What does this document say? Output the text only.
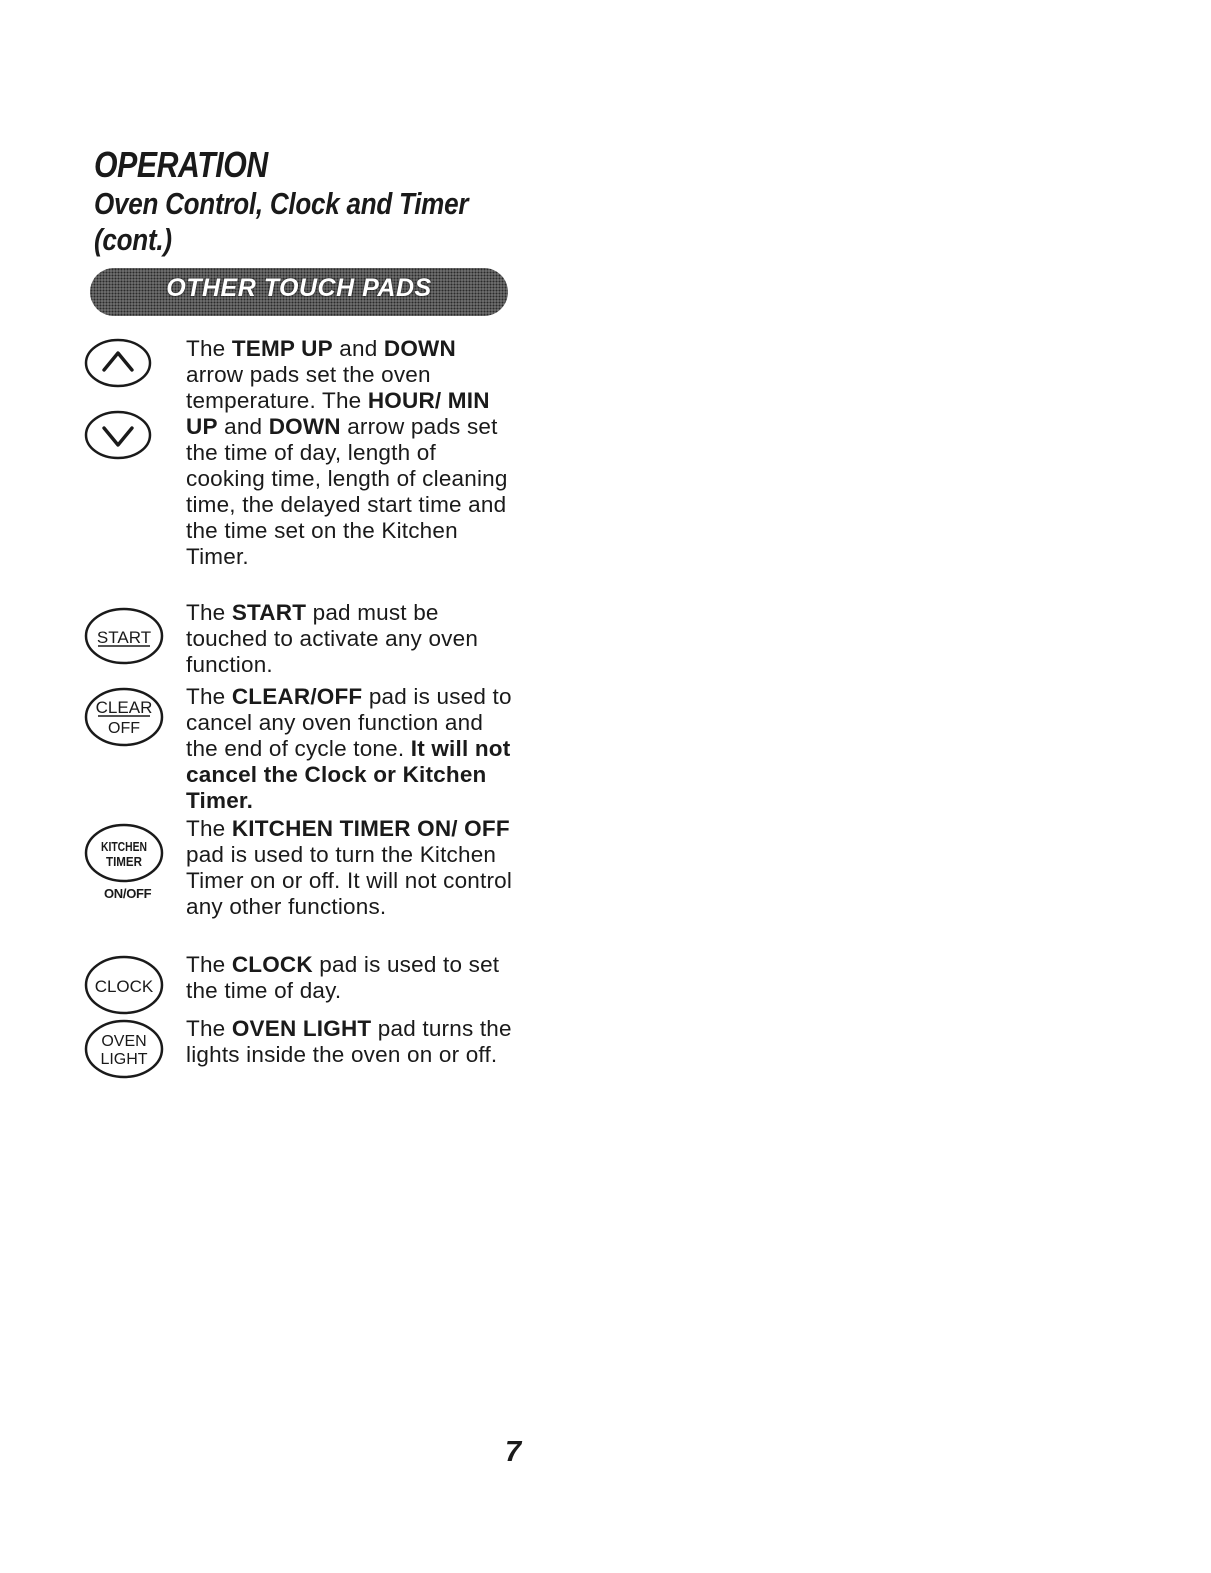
OPERATION
Oven Control, Clock and Timer (cont.)
OTHER TOUCH PADS

The TEMP UP and DOWN arrow pads set the oven temperature. The HOUR/ MIN UP and DOWN arrow pads set the time of day, length of cooking time, length of cleaning time, the delayed start time and the time set on the Kitchen Timer.

START

The START pad must be touched to activate any oven function.

CLEAR
OFF

The CLEAR/OFF pad is used to cancel any oven function and the end of cycle tone. It will not cancel the Clock or Kitchen Timer.

KITCHEN
TIMER
ON/OFF

The KITCHEN TIMER ON/ OFF pad is used to turn the Kitchen Timer on or off. It will not control any other functions.

CLOCK

The CLOCK pad is used to set the time of day.

OVEN
LIGHT

The OVEN LIGHT pad turns the lights inside the oven on or off.

7
